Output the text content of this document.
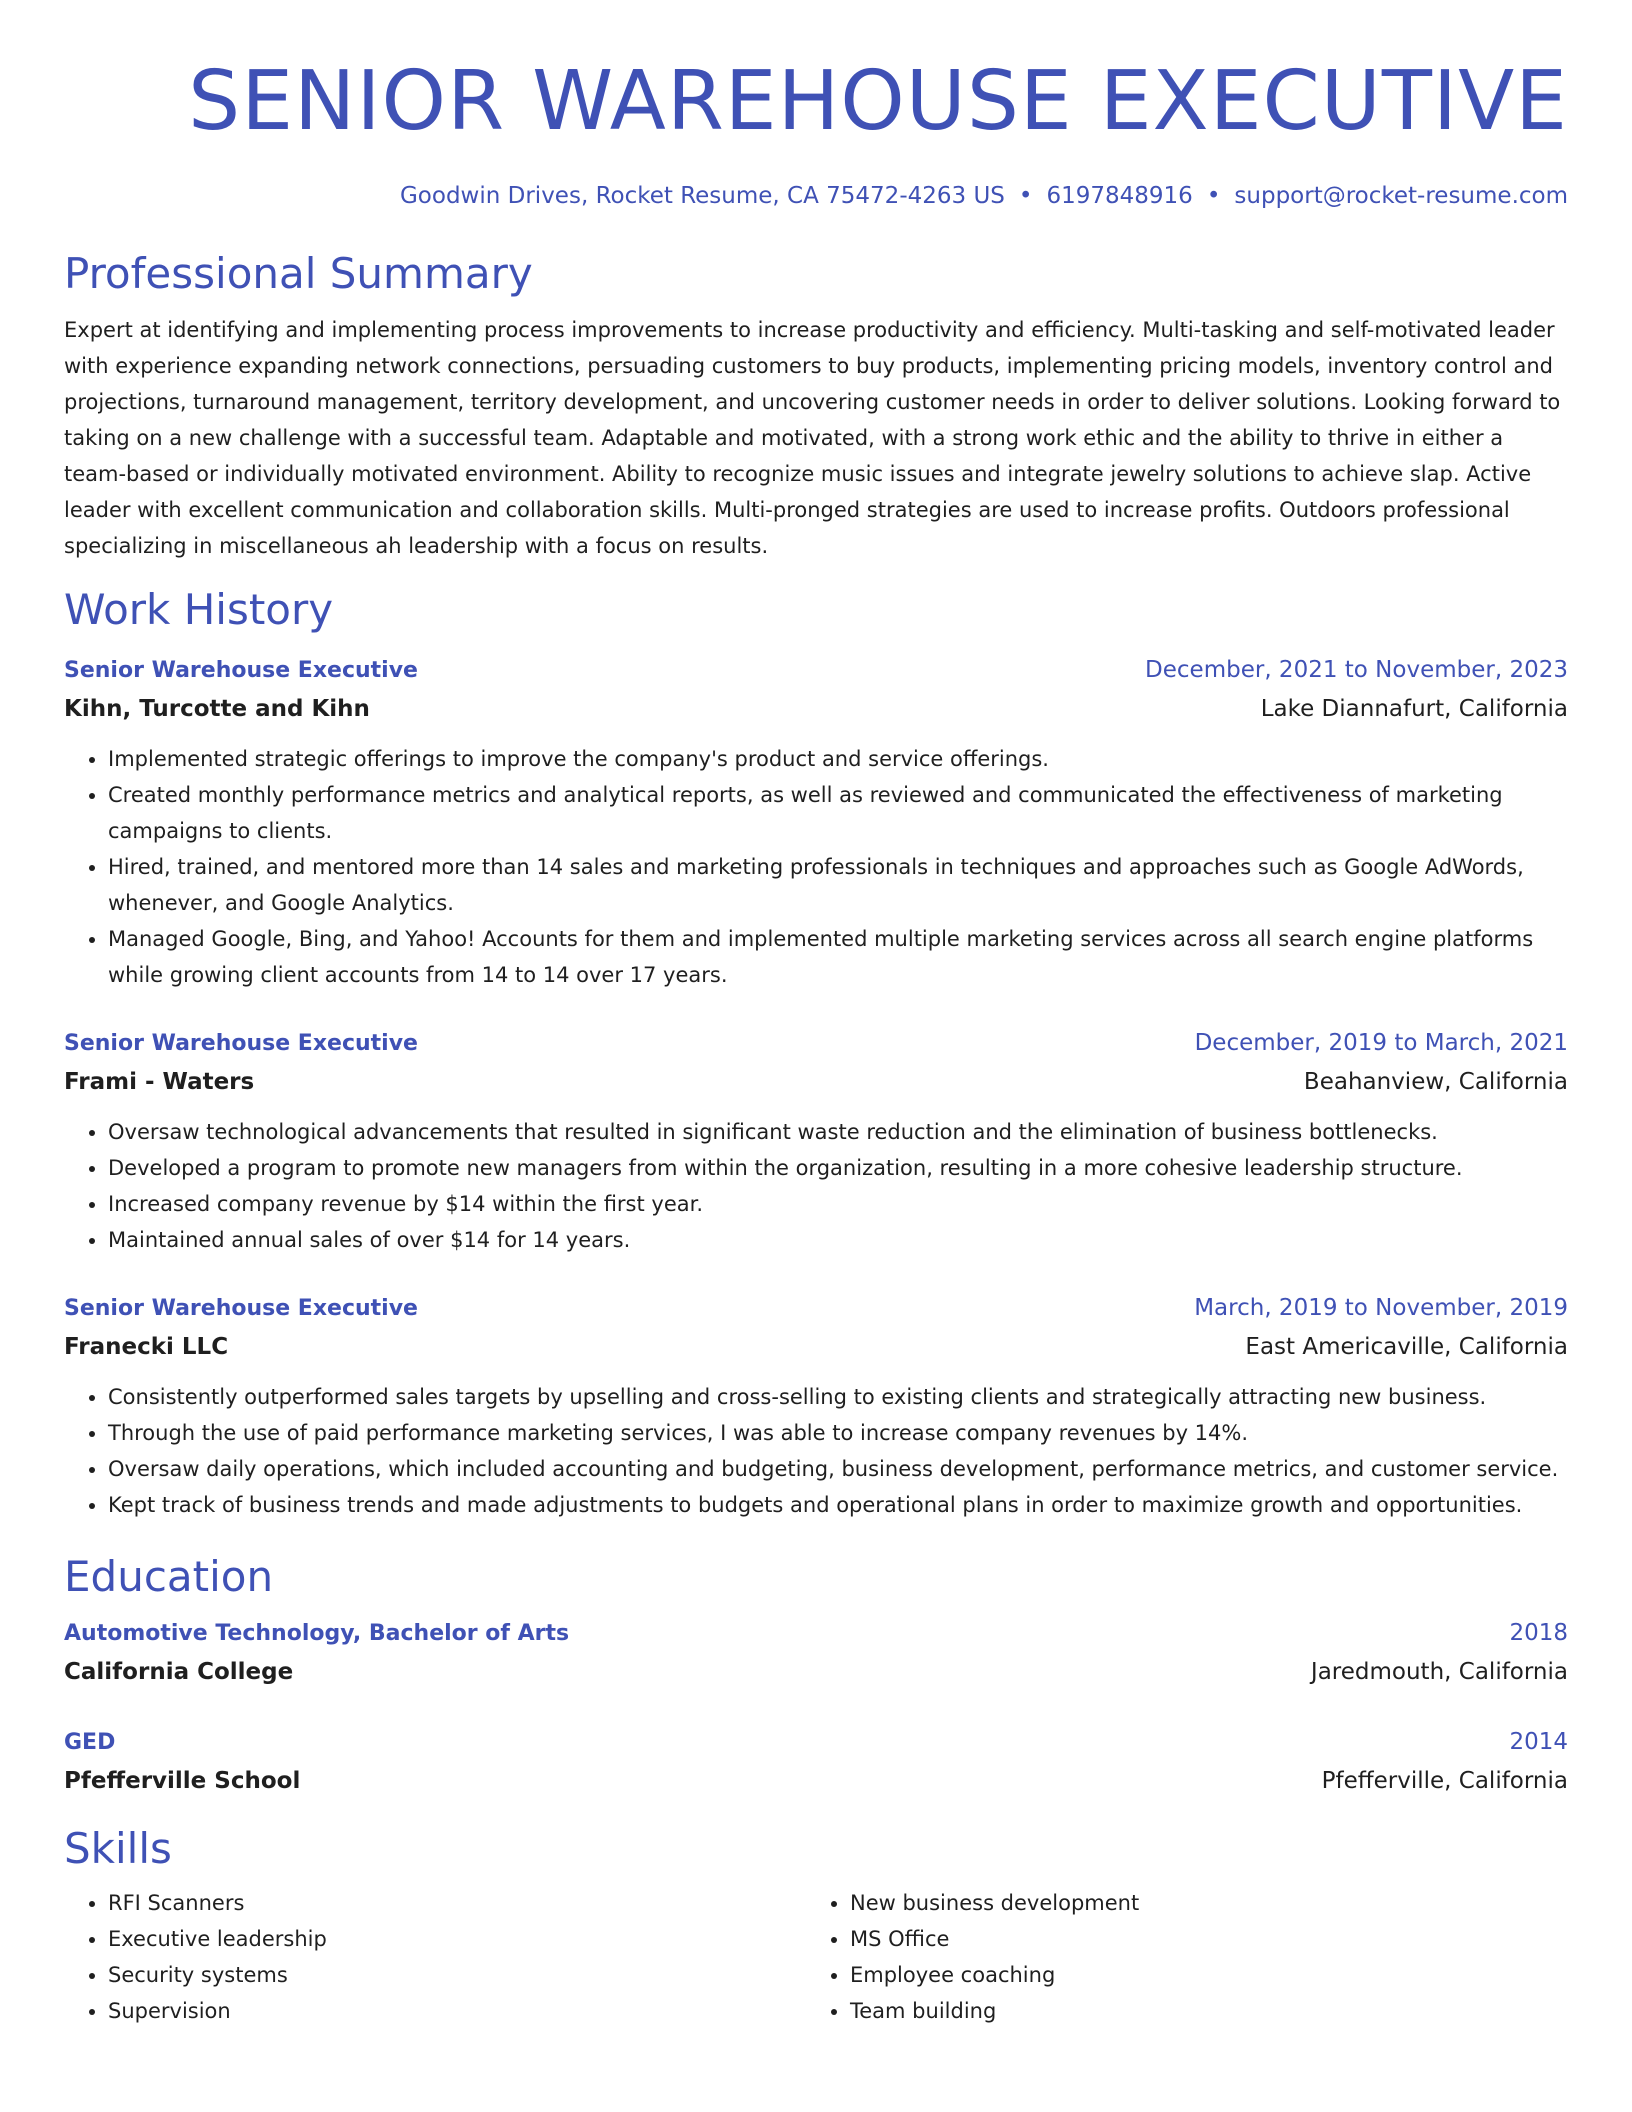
SENIOR WAREHOUSE EXECUTIVE
Goodwin Drives, Rocket Resume, CA 75472-4263 US • 6197848916 • support@rocket-resume.com
Professional Summary
Expert at identifying and implementing process improvements to increase productivity and efficiency. Multi-tasking and self-motivated leader with experience expanding network connections, persuading customers to buy products, implementing pricing models, inventory control and projections, turnaround management, territory development, and uncovering customer needs in order to deliver solutions. Looking forward to taking on a new challenge with a successful team. Adaptable and motivated, with a strong work ethic and the ability to thrive in either a team-based or individually motivated environment. Ability to recognize music issues and integrate jewelry solutions to achieve slap. Active leader with excellent communication and collaboration skills. Multi-pronged strategies are used to increase profits. Outdoors professional specializing in miscellaneous ah leadership with a focus on results.
Work History
Senior Warehouse Executive	December, 2021 to November, 2023
Kihn, Turcotte and Kihn	Lake Diannafurt, California
• Implemented strategic offerings to improve the company's product and service offerings.
• Created monthly performance metrics and analytical reports, as well as reviewed and communicated the effectiveness of marketing campaigns to clients.
• Hired, trained, and mentored more than 14 sales and marketing professionals in techniques and approaches such as Google AdWords, whenever, and Google Analytics.
• Managed Google, Bing, and Yahoo! Accounts for them and implemented multiple marketing services across all search engine platforms while growing client accounts from 14 to 14 over 17 years.
Senior Warehouse Executive	December, 2019 to March, 2021
Frami - Waters	Beahanview, California
• Oversaw technological advancements that resulted in significant waste reduction and the elimination of business bottlenecks.
• Developed a program to promote new managers from within the organization, resulting in a more cohesive leadership structure.
• Increased company revenue by $14 within the first year.
• Maintained annual sales of over $14 for 14 years.
Senior Warehouse Executive	March, 2019 to November, 2019
Franecki LLC	East Americaville, California
• Consistently outperformed sales targets by upselling and cross-selling to existing clients and strategically attracting new business.
• Through the use of paid performance marketing services, I was able to increase company revenues by 14%.
• Oversaw daily operations, which included accounting and budgeting, business development, performance metrics, and customer service.
• Kept track of business trends and made adjustments to budgets and operational plans in order to maximize growth and opportunities.
Education
Automotive Technology, Bachelor of Arts	2018
California College	Jaredmouth, California
GED	2014
Pfefferville School	Pfefferville, California
Skills
• RFI Scanners
• Executive leadership
• Security systems
• Supervision
• New business development
• MS Office
• Employee coaching
• Team building
